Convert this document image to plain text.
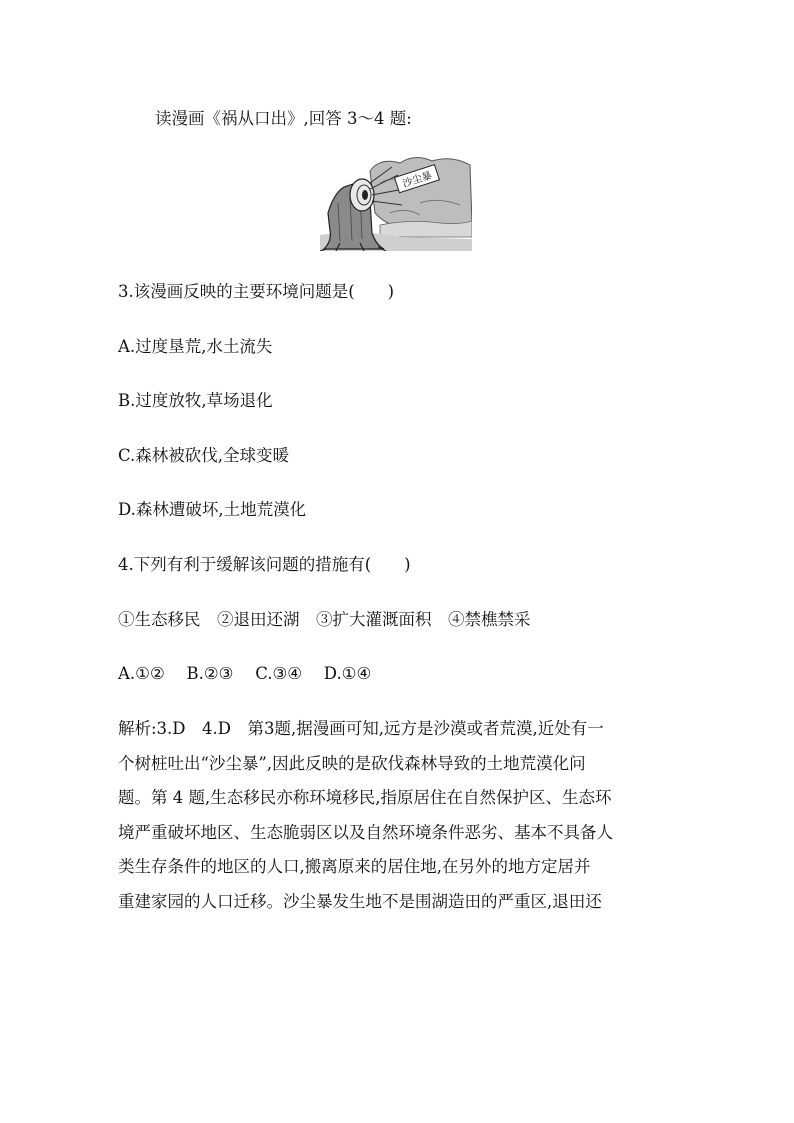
读漫画《祸从口出》,回答 3～4 题:
沙尘暴
3.该漫画反映的主要环境问题是(　　)
A.过度垦荒,水土流失
B.过度放牧,草场退化
C.森林被砍伐,全球变暖
D.森林遭破坏,土地荒漠化
4.下列有利于缓解该问题的措施有(　　)
①生态移民　②退田还湖　③扩大灌溉面积　④禁樵禁采
A.①②　 B.②③　 C.③④　 D.①④
解析:3.D　4.D　第3题,据漫画可知,远方是沙漠或者荒漠,近处有一
个树桩吐出“沙尘暴”,因此反映的是砍伐森林导致的土地荒漠化问
题。第 4 题,生态移民亦称环境移民,指原居住在自然保护区、生态环
境严重破坏地区、生态脆弱区以及自然环境条件恶劣、基本不具备人
类生存条件的地区的人口,搬离原来的居住地,在另外的地方定居并
重建家园的人口迁移。沙尘暴发生地不是围湖造田的严重区,退田还
